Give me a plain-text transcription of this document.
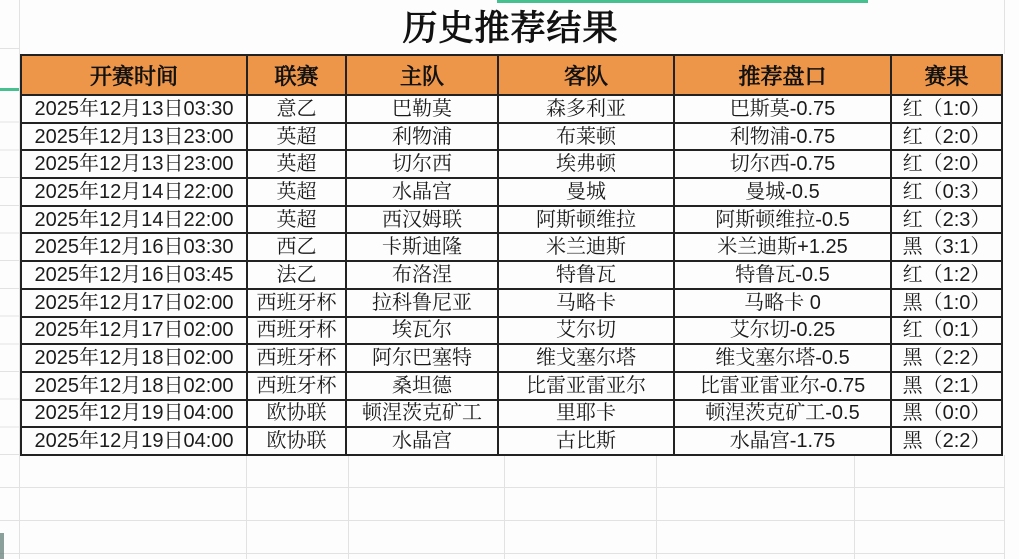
历史推荐结果
开赛时间	联赛	主队	客队	推荐盘口	赛果
2025年12月13日03:30	意乙	巴勒莫	森多利亚	巴斯莫-0.75	红（1:0）
2025年12月13日23:00	英超	利物浦	布莱顿	利物浦-0.75	红（2:0）
2025年12月13日23:00	英超	切尔西	埃弗顿	切尔西-0.75	红（2:0）
2025年12月14日22:00	英超	水晶宫	曼城	曼城-0.5	红（0:3）
2025年12月14日22:00	英超	西汉姆联	阿斯顿维拉	阿斯顿维拉-0.5	红（2:3）
2025年12月16日03:30	西乙	卡斯迪隆	米兰迪斯	米兰迪斯+1.25	黑（3:1）
2025年12月16日03:45	法乙	布洛涅	特鲁瓦	特鲁瓦-0.5	红（1:2）
2025年12月17日02:00	西班牙杯	拉科鲁尼亚	马略卡	马略卡 0	黑（1:0）
2025年12月17日02:00	西班牙杯	埃瓦尔	艾尔切	艾尔切-0.25	红（0:1）
2025年12月18日02:00	西班牙杯	阿尔巴塞特	维戈塞尔塔	维戈塞尔塔-0.5	黑（2:2）
2025年12月18日02:00	西班牙杯	桑坦德	比雷亚雷亚尔	比雷亚雷亚尔-0.75	黑（2:1）
2025年12月19日04:00	欧协联	顿涅茨克矿工	里耶卡	顿涅茨克矿工-0.5	黑（0:0）
2025年12月19日04:00	欧协联	水晶宫	古比斯	水晶宫-1.75	黑（2:2）
